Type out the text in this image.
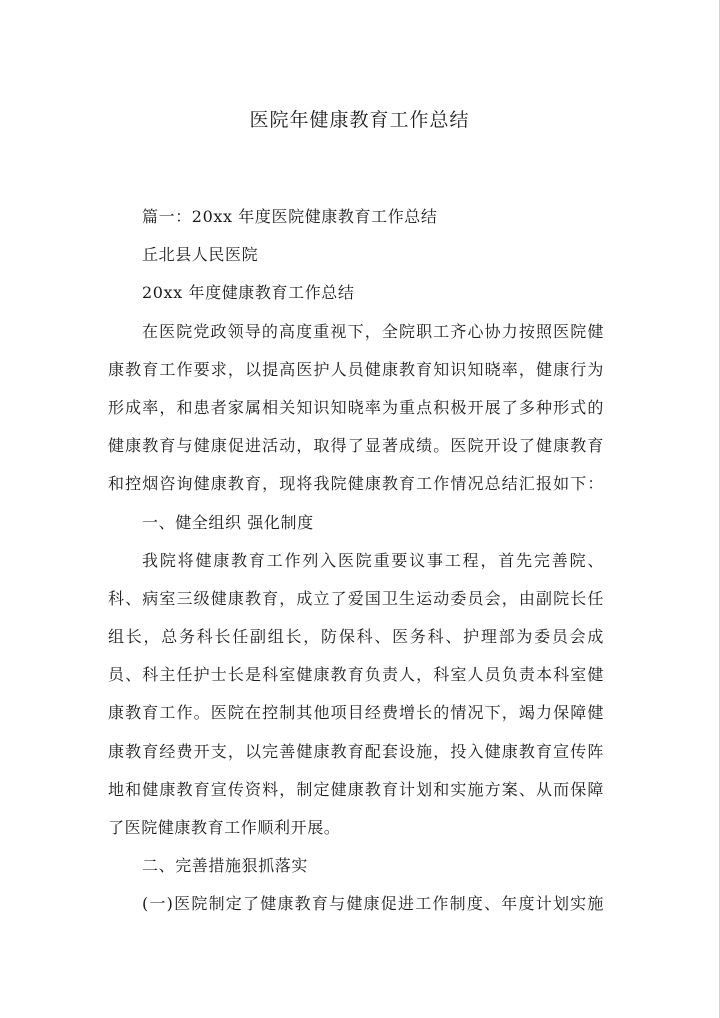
医院年健康教育工作总结
篇一：20xx 年度医院健康教育工作总结
丘北县人民医院
20xx 年度健康教育工作总结
在医院党政领导的高度重视下，全院职工齐心协力按照医院健
康教育工作要求，以提高医护人员健康教育知识知晓率，健康行为
形成率，和患者家属相关知识知晓率为重点积极开展了多种形式的
健康教育与健康促进活动，取得了显著成绩。医院开设了健康教育
和控烟咨询健康教育，现将我院健康教育工作情况总结汇报如下：
一、健全组织 强化制度
我院将健康教育工作列入医院重要议事工程，首先完善院、
科、病室三级健康教育，成立了爱国卫生运动委员会，由副院长任
组长，总务科长任副组长，防保科、医务科、护理部为委员会成
员、科主任护士长是科室健康教育负责人，科室人员负责本科室健
康教育工作。医院在控制其他项目经费增长的情况下，竭力保障健
康教育经费开支，以完善健康教育配套设施，投入健康教育宣传阵
地和健康教育宣传资料，制定健康教育计划和实施方案、从而保障
了医院健康教育工作顺利开展。
二、完善措施狠抓落实
(一)医院制定了健康教育与健康促进工作制度、年度计划实施
